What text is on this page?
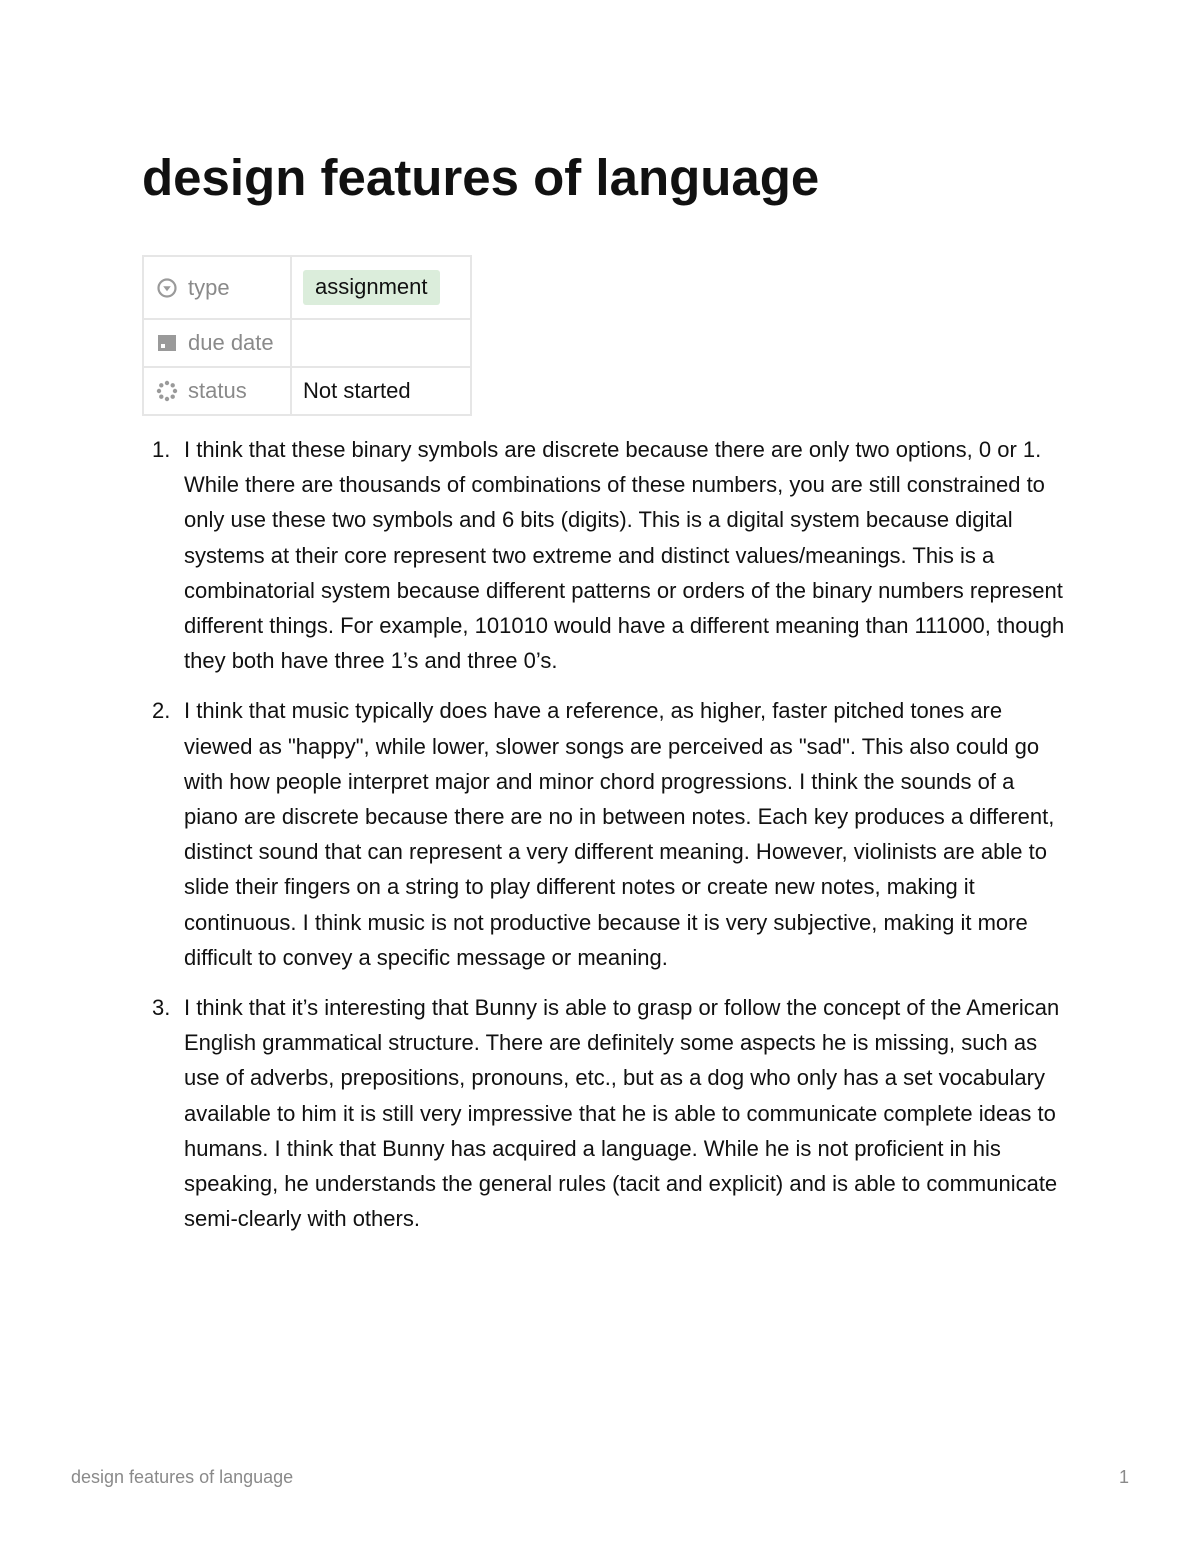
design features of language
type	assignment

due date	

status	Not started
1. I think that these binary symbols are discrete because there are only two options, 0 or 1. While there are thousands of combinations of these numbers, you are still constrained to only use these two symbols and 6 bits (digits). This is a digital system because digital systems at their core represent two extreme and distinct values/meanings. This is a combinatorial system because different patterns or orders of the binary numbers represent different things. For example, 101010 would have a different meaning than 111000, though they both have three 1’s and three 0’s.
2. I think that music typically does have a reference, as higher, faster pitched tones are viewed as "happy", while lower, slower songs are perceived as "sad". This also could go with how people interpret major and minor chord progressions. I think the sounds of a piano are discrete because there are no in between notes. Each key produces a different, distinct sound that can represent a very different meaning. However, violinists are able to slide their fingers on a string to play different notes or create new notes, making it continuous. I think music is not productive because it is very subjective, making it more difficult to convey a specific message or meaning.
3. I think that it’s interesting that Bunny is able to grasp or follow the concept of the American English grammatical structure. There are definitely some aspects he is missing, such as use of adverbs, prepositions, pronouns, etc., but as a dog who only has a set vocabulary available to him it is still very impressive that he is able to communicate complete ideas to humans. I think that Bunny has acquired a language. While he is not proficient in his speaking, he understands the general rules (tacit and explicit) and is able to communicate semi-clearly with others.
design features of language	1
